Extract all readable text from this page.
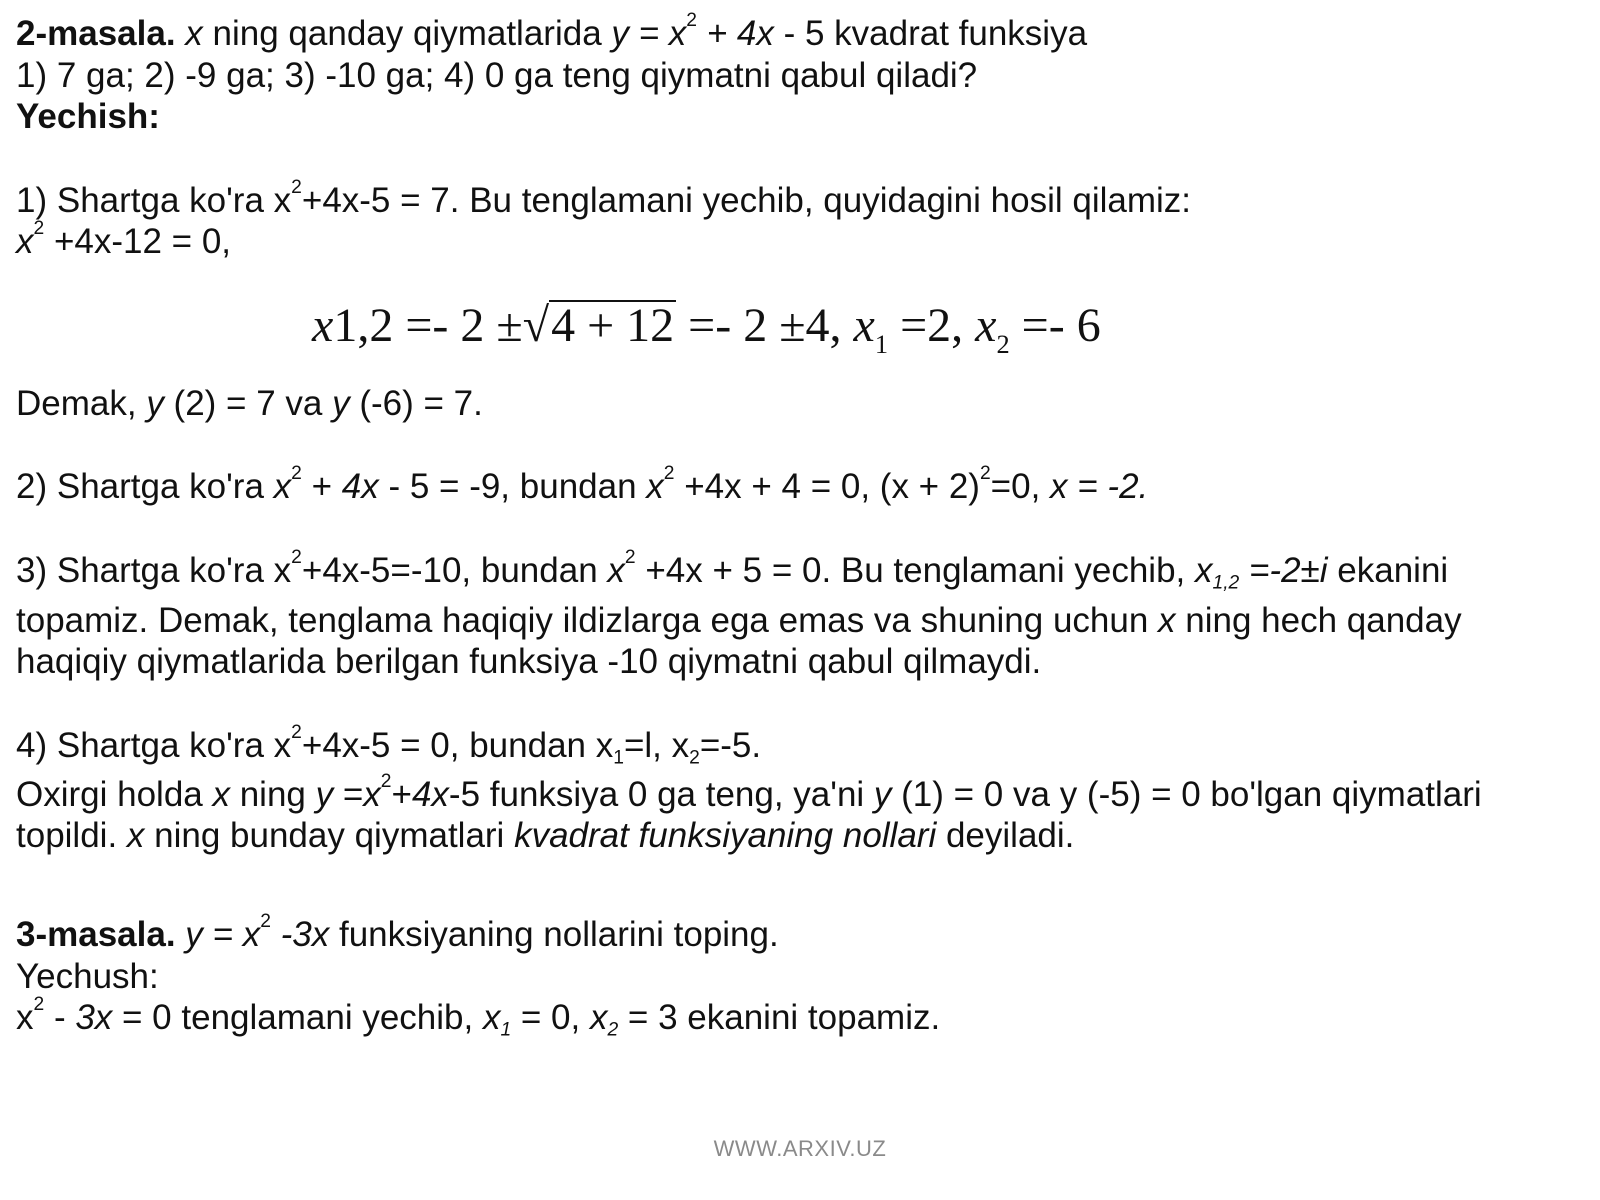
2-masala. x ning qanday qiymatlarida $y = x^2 + 4x - 5$ kvadrat funksiya
1) 7 ga; 2) -9 ga; 3) -10 ga; 4) 0 ga teng qiymatni qabul qiladi?
Yechish:
1) Shartga ko'ra $x^2+4x-5 = 7$. Bu tenglamani yechib, quyidagini hosil qilamiz:
$x^2 +4x-12 = 0$,
x1,2 =- 2 ±√4 + 12 =- 2 ±4, $x_1 =2$, $x_2 =- 6$
Demak, y (2) = 7 va y (-6) = 7.
2) Shartga ko'ra $x^2 + 4x - 5 = -9$, bundan $x^2 +4x + 4 = 0$, $(x + 2)^2=0$, x = -2.
3) Shartga ko'ra $x^2+4x-5=-10$, bundan $x^2 +4x + 5 = 0$. Bu tenglamani yechib, $x_{1,2} =-2\pm i$ ekanini
topamiz. Demak, tenglama haqiqiy ildizlarga ega emas va shuning uchun x ning hech qanday
haqiqiy qiymatlarida berilgan funksiya -10 qiymatni qabul qilmaydi.
4) Shartga ko'ra $x^2+4x-5 = 0$, bundan $x_1=l$, $x_2=-5$.
Oxirgi holda x ning $y =x^2+4x-5$ funksiya 0 ga teng, ya'ni y (1) = 0 va y (-5) = 0 bo'lgan qiymatlari
topildi. x ning bunday qiymatlari kvadrat funksiyaning nollari deyiladi.
3-masala. $y = x^2$ -3x funksiyaning nollarini toping.
Yechush:
$x^2 - 3x = 0$ tenglamani yechib, $x_1 = 0$, $x_2 = 3$ ekanini topamiz.
WWW.ARXIV.UZ
